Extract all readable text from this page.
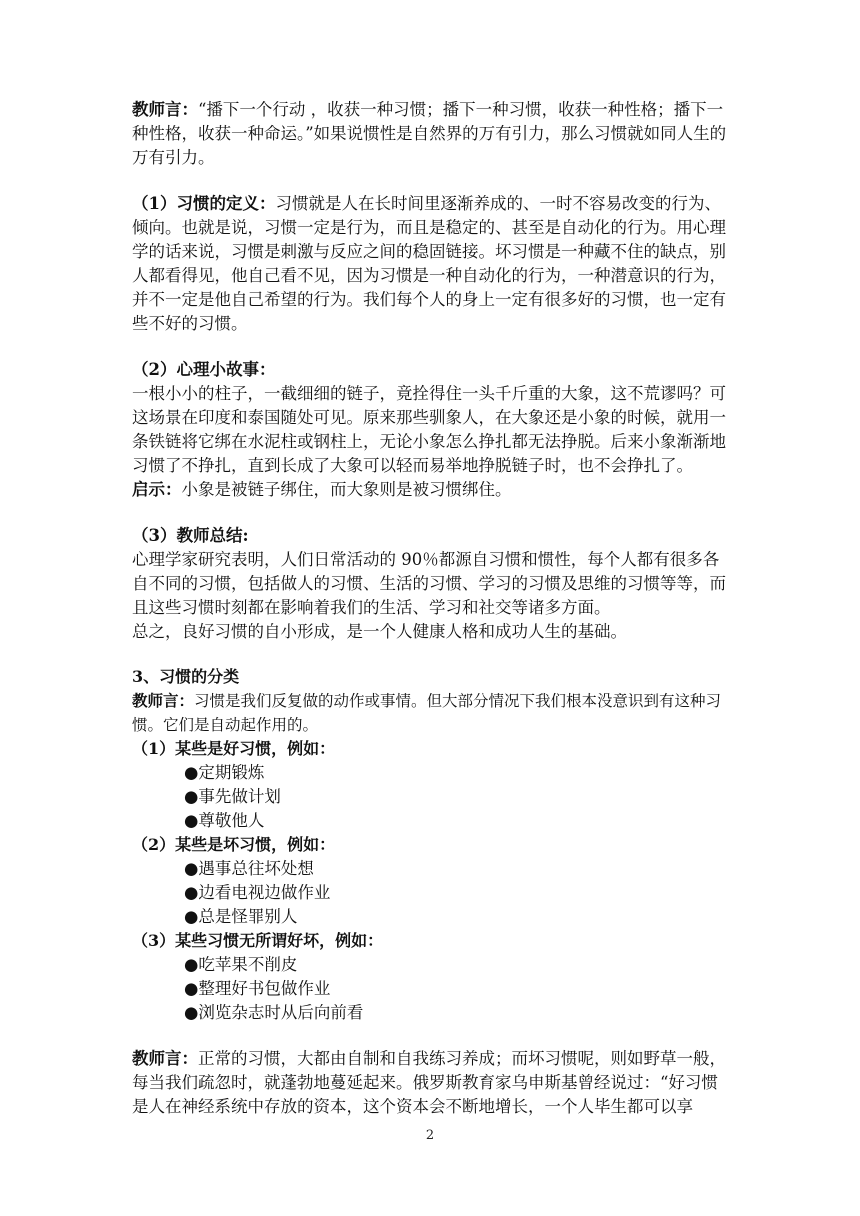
教师言：“播下一个行动 ，收获一种习惯；播下一种习惯，收获一种性格；播下一种性格，收获一种命运。”如果说惯性是自然界的万有引力，那么习惯就如同人生的万有引力。

（1）习惯的定义：习惯就是人在长时间里逐渐养成的、一时不容易改变的行为、倾向。也就是说，习惯一定是行为，而且是稳定的、甚至是自动化的行为。用心理学的话来说，习惯是刺激与反应之间的稳固链接。坏习惯是一种藏不住的缺点，别人都看得见，他自己看不见，因为习惯是一种自动化的行为，一种潜意识的行为，并不一定是他自己希望的行为。我们每个人的身上一定有很多好的习惯，也一定有些不好的习惯。

（2）心理小故事：

一根小小的柱子，一截细细的链子，竟拴得住一头千斤重的大象，这不荒谬吗？可这场景在印度和泰国随处可见。原来那些驯象人，在大象还是小象的时候，就用一条铁链将它绑在水泥柱或钢柱上，无论小象怎么挣扎都无法挣脱。后来小象渐渐地习惯了不挣扎，直到长成了大象可以轻而易举地挣脱链子时，也不会挣扎了。

启示：小象是被链子绑住，而大象则是被习惯绑住。

（3）教师总结:

心理学家研究表明，人们日常活动的 90％都源自习惯和惯性，每个人都有很多各自不同的习惯，包括做人的习惯、生活的习惯、学习的习惯及思维的习惯等等，而且这些习惯时刻都在影响着我们的生活、学习和社交等诸多方面。

总之，良好习惯的自小形成，是一个人健康人格和成功人生的基础。

3、习惯的分类

教师言：习惯是我们反复做的动作或事情。但大部分情况下我们根本没意识到有这种习惯。它们是自动起作用的。

（1）某些是好习惯，例如：

●定期锻炼

●事先做计划

●尊敬他人

（2）某些是坏习惯，例如：

●遇事总往坏处想

●边看电视边做作业

●总是怪罪别人

（3）某些习惯无所谓好坏，例如：

●吃苹果不削皮

●整理好书包做作业

●浏览杂志时从后向前看

教师言：正常的习惯，大都由自制和自我练习养成；而坏习惯呢，则如野草一般，每当我们疏忽时，就蓬勃地蔓延起来。俄罗斯教育家乌申斯基曾经说过：“好习惯是人在神经系统中存放的资本，这个资本会不断地增长，一个人毕生都可以享

2
